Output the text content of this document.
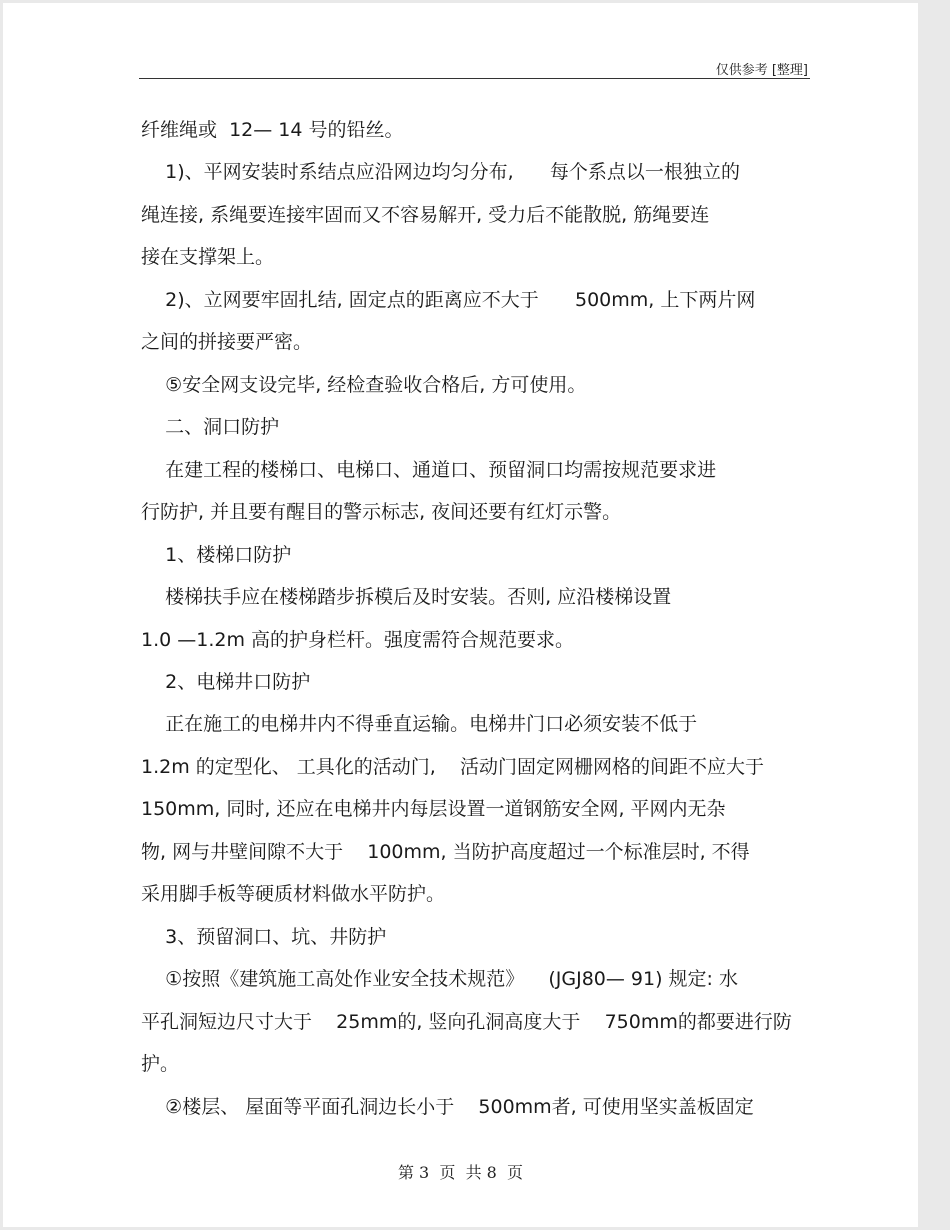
仅供参考 [整理]
纤维绳或  12— 14 号的铅丝。
1)、平网安装时系结点应沿网边均匀分布,      每个系点以一根独立的
绳连接, 系绳要连接牢固而又不容易解开, 受力后不能散脱, 筋绳要连
接在支撑架上。
2)、立网要牢固扎结, 固定点的距离应不大于      500mm, 上下两片网
之间的拼接要严密。
⑤安全网支设完毕, 经检查验收合格后, 方可使用。
二、洞口防护
在建工程的楼梯口、电梯口、通道口、预留洞口均需按规范要求进
行防护, 并且要有醒目的警示标志, 夜间还要有红灯示警。
1、楼梯口防护
楼梯扶手应在楼梯踏步拆模后及时安装。否则, 应沿楼梯设置
1.0 —1.2m 高的护身栏杆。强度需符合规范要求。
2、电梯井口防护
正在施工的电梯井内不得垂直运输。电梯井门口必须安装不低于
1.2m 的定型化、 工具化的活动门,    活动门固定网栅网格的间距不应大于
150mm, 同时, 还应在电梯井内每层设置一道钢筋安全网, 平网内无杂
物, 网与井壁间隙不大于    100mm, 当防护高度超过一个标准层时, 不得
采用脚手板等硬质材料做水平防护。
3、预留洞口、坑、井防护
①按照《建筑施工高处作业安全技术规范》    (JGJ80— 91) 规定: 水
平孔洞短边尺寸大于    25mm的, 竖向孔洞高度大于    750mm的都要进行防
护。
②楼层、 屋面等平面孔洞边长小于    500mm者, 可使用坚实盖板固定
第 3  页  共 8  页
